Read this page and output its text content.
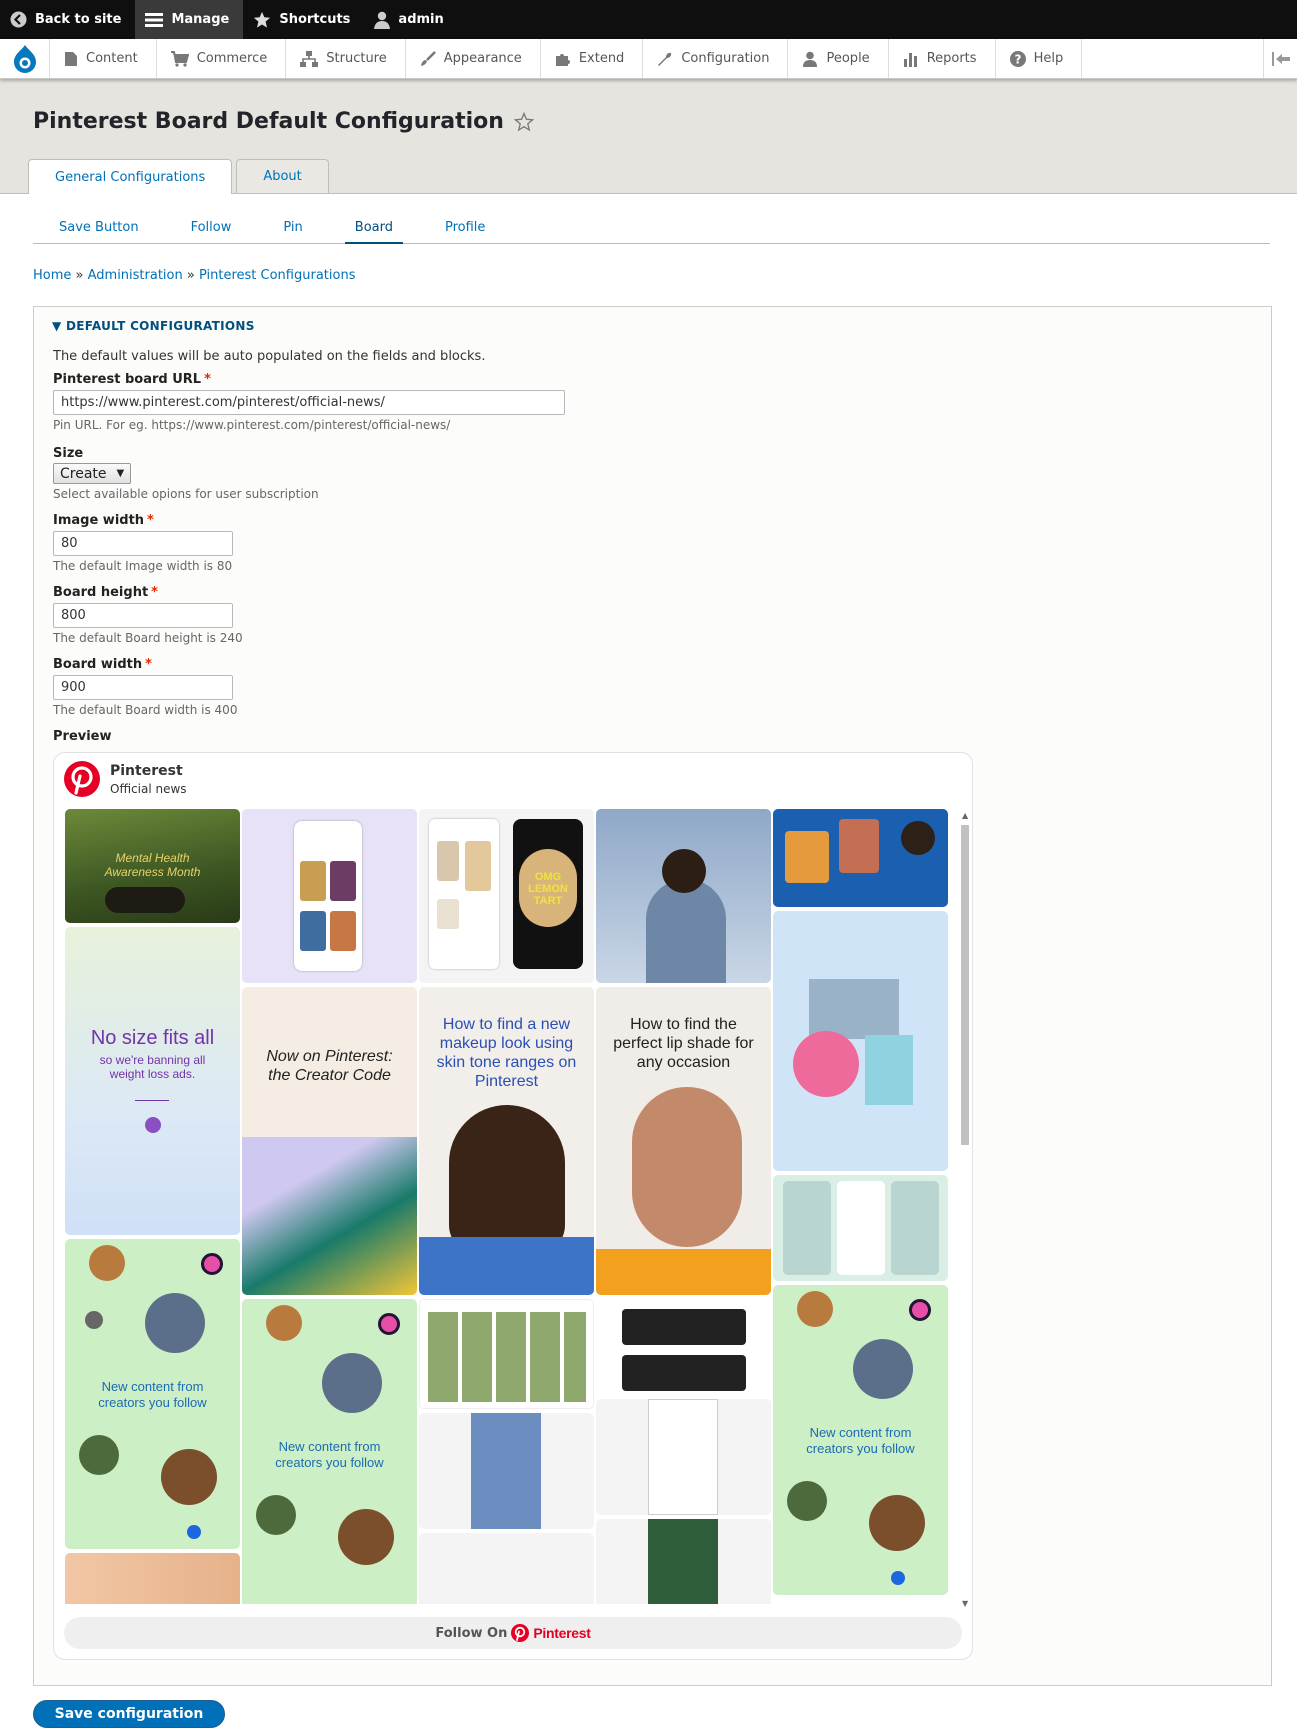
Back to site	Manage	Shortcuts	admin
Content	Commerce	Structure	Appearance	Extend	Configuration	People	Reports	? Help
Pinterest Board Default Configuration
General Configurations	About
Save Button	Follow	Pin	Board	Profile
Home » Administration » Pinterest Configurations
▼ DEFAULT CONFIGURATIONS
The default values will be auto populated on the fields and blocks.
Pinterest board URL *
https://www.pinterest.com/pinterest/official-news/
Pin URL. For eg. https://www.pinterest.com/pinterest/official-news/
Size
Create ▼
Select available opions for user subscription
Image width *
80
The default Image width is 80
Board height *
800
The default Board height is 240
Board width *
900
The default Board width is 400
Preview
Pinterest
Official news
Mental Health Awareness Month
No size fits all
so we're banning all weight loss ads.
New content from creators you follow
Now on Pinterest: the Creator Code
New content from creators you follow
OMG LEMON TART
How to find a new makeup look using skin tone ranges on Pinterest
How to find the perfect lip shade for any occasion
New content from creators you follow
▲
▼
Follow On Pinterest
Save configuration
